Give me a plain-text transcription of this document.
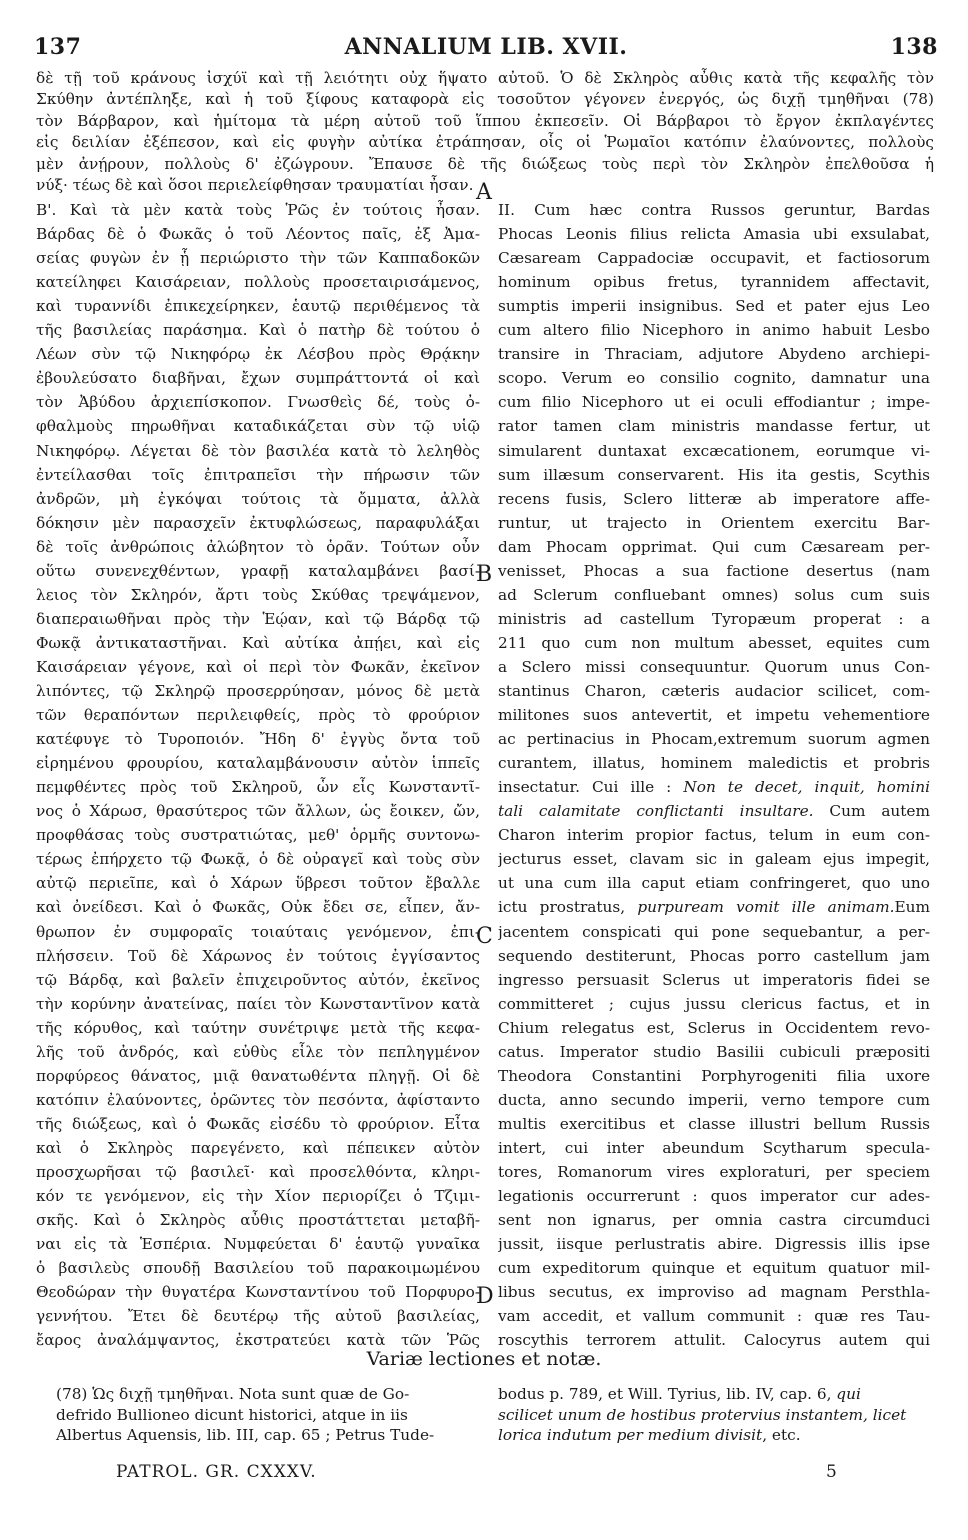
137	ANNALIUM LIB. XVII.	138
δὲ τῇ τοῦ κράνους ἰσχύϊ καὶ τῇ λειότητι οὐχ ἥψατο αὐτοῦ. Ὁ δὲ Σκληρὸς αὖθις κατὰ τῆς κεφαλῆς τὸν
Σκύθην ἀντέπληξε, καὶ ἡ τοῦ ξίφους καταφορὰ εἰς τοσοῦτον γέγονεν ἐνεργός, ὡς διχῇ τμηθῆναι (78)
τὸν Βάρβαρον, καὶ ἡμίτομα τὰ μέρη αὐτοῦ τοῦ ἵππου ἐκπεσεῖν. Οἱ Βάρβαροι τὸ ἔργον ἐκπλαγέντες
εἰς δειλίαν ἐξέπεσον, καὶ εἰς φυγὴν αὐτίκα ἐτράπησαν, οἷς οἱ Ῥωμαῖοι κατόπιν ἐλαύνοντες, πολλοὺς
μὲν ἀνῄρουν, πολλοὺς δ' ἐζώγρουν. Ἔπαυσε δὲ τῆς διώξεως τοὺς περὶ τὸν Σκληρὸν ἐπελθοῦσα ἡ
νύξ· τέως δὲ καὶ ὅσοι περιελείφθησαν τραυματίαι ἦσαν.
Β'. Καὶ τὰ μὲν κατὰ τοὺς Ῥῶς ἐν τούτοις ἦσαν.
Βάρδας δὲ ὁ Φωκᾶς ὁ τοῦ Λέοντος παῖς, ἐξ Ἀμα-
σείας φυγὼν ἐν ᾗ περιώριστο τὴν τῶν Καππαδοκῶν
κατείληφει Καισάρειαν, πολλοὺς προσεταιρισάμενος,
καὶ τυραννίδι ἐπικεχείρηκεν, ἑαυτῷ περιθέμενος τὰ
τῆς βασιλείας παράσημα. Καὶ ὁ πατὴρ δὲ τούτου ὁ
Λέων σὺν τῷ Νικηφόρῳ ἐκ Λέσβου πρὸς Θρᾴκην
ἐβουλεύσατο διαβῆναι, ἔχων συμπράττοντά οἱ καὶ
τὸν Ἀβύδου ἀρχιεπίσκοπον. Γνωσθεὶς δέ, τοὺς ὀ-
φθαλμοὺς πηρωθῆναι καταδικάζεται σὺν τῷ υἱῷ
Νικηφόρῳ. Λέγεται δὲ τὸν βασιλέα κατὰ τὸ λεληθὸς
ἐντείλασθαι τοῖς ἐπιτραπεῖσι τὴν πήρωσιν τῶν
ἀνδρῶν, μὴ ἐγκόψαι τούτοις τὰ ὄμματα, ἀλλὰ
δόκησιν μὲν παρασχεῖν ἐκτυφλώσεως, παραφυλάξαι
δὲ τοῖς ἀνθρώποις ἀλώβητον τὸ ὁρᾶν. Τούτων οὖν
οὕτω συνενεχθέντων, γραφῇ καταλαμβάνει βασί-
λειος τὸν Σκληρόν, ἄρτι τοὺς Σκύθας τρεψάμενον,
διαπεραιωθῆναι πρὸς τὴν Ἑῴαν, καὶ τῷ Βάρδᾳ τῷ
Φωκᾷ ἀντικαταστῆναι. Καὶ αὐτίκα ἀπῄει, καὶ εἰς
Καισάρειαν γέγονε, καὶ οἱ περὶ τὸν Φωκᾶν, ἐκεῖνον
λιπόντες, τῷ Σκληρῷ προσερρύησαν, μόνος δὲ μετὰ
τῶν θεραπόντων περιλειφθείς, πρὸς τὸ φρούριον
κατέφυγε τὸ Τυροποιόν. Ἤδη δ' ἐγγὺς ὄντα τοῦ
εἰρημένου φρουρίου, καταλαμβάνουσιν αὐτὸν ἱππεῖς
πεμφθέντες πρὸς τοῦ Σκληροῦ, ὧν εἷς Κωνσταντῖ-
νος ὁ Χάρωσ, θρασύτερος τῶν ἄλλων, ὡς ἔοικεν, ὤν,
προφθάσας τοὺς συστρατιώτας, μεθ' ὁρμῆς συντονω-
τέρως ἐπήρχετο τῷ Φωκᾷ, ὁ δὲ οὐραγεῖ καὶ τοὺς σὺν
αὐτῷ περιεῖπε, καὶ ὁ Χάρων ὕβρεσι τοῦτον ἔβαλλε
καὶ ὀνείδεσι. Καὶ ὁ Φωκᾶς, Οὐκ ἔδει σε, εἶπεν, ἄν-
θρωπον ἐν συμφοραῖς τοιαύταις γενόμενον, ἐπι-
πλήσσειν. Τοῦ δὲ Χάρωνος ἐν τούτοις ἐγγίσαντος
τῷ Βάρδᾳ, καὶ βαλεῖν ἐπιχειροῦντος αὐτόν, ἐκεῖνος
τὴν κορύνην ἀνατείνας, παίει τὸν Κωνσταντῖνον κατὰ
τῆς κόρυθος, καὶ ταύτην συνέτριψε μετὰ τῆς κεφα-
λῆς τοῦ ἀνδρός, καὶ εὐθὺς εἷλε τὸν πεπληγμένον
πορφύρεος θάνατος, μιᾷ θανατωθέντα πληγῇ. Οἱ δὲ
κατόπιν ἐλαύνοντες, ὁρῶντες τὸν πεσόντα, ἀφίσταντο
τῆς διώξεως, καὶ ὁ Φωκᾶς εἰσέδυ τὸ φρούριον. Εἶτα
καὶ ὁ Σκληρὸς παρεγένετο, καὶ πέπεικεν αὐτὸν
προσχωρῆσαι τῷ βασιλεῖ· καὶ προσελθόντα, κληρι-
κόν τε γενόμενον, εἰς τὴν Χίον περιορίζει ὁ Τζιμι-
σκῆς. Καὶ ὁ Σκληρὸς αὖθις προστάττεται μεταβῆ-
ναι εἰς τὰ Ἑσπέρια. Νυμφεύεται δ' ἑαυτῷ γυναῖκα
ὁ βασιλεὺς σπουδῇ Βασιλείου τοῦ παρακοιμωμένου
Θεοδώραν τὴν θυγατέρα Κωνσταντίνου τοῦ Πορφυρο-
γεννήτου. Ἔτει δὲ δευτέρῳ τῆς αὐτοῦ βασιλείας,
ἔαρος ἀναλάμψαντος, ἐκστρατεύει κατὰ τῶν Ῥῶς
II. Cum hæc contra Russos geruntur, Bardas
Phocas Leonis filius relicta Amasia ubi exsulabat,
Cæsaream Cappadociæ occupavit, et factiosorum
hominum opibus fretus, tyrannidem affectavit,
sumptis imperii insignibus. Sed et pater ejus Leo
cum altero filio Nicephoro in animo habuit Lesbo
transire in Thraciam, adjutore Abydeno archiepi-
scopo. Verum eo consilio cognito, damnatur una
cum filio Nicephoro ut ei oculi effodiantur ; impe-
rator tamen clam ministris mandasse fertur, ut
simularent duntaxat excæcationem, eorumque vi-
sum illæsum conservarent. His ita gestis, Scythis
recens fusis, Sclero litteræ ab imperatore affe-
runtur, ut trajecto in Orientem exercitu Bar-
dam Phocam opprimat. Qui cum Cæsaream per-
venisset, Phocas a sua factione desertus (nam
ad Sclerum confluebant omnes) solus cum suis
ministris ad castellum Tyropæum properat : a
211 quo cum non multum abesset, equites cum
a Sclero missi consequuntur. Quorum unus Con-
stantinus Charon, cæteris audacior scilicet, com-
militones suos antevertit, et impetu vehementiore
ac pertinacius in Phocam,extremum suorum agmen
curantem, illatus, hominem maledictis et probris
insectatur. Cui ille : Non te decet, inquit, homini
tali calamitate conflictanti insultare. Cum autem
Charon interim propior factus, telum in eum con-
jecturus esset, clavam sic in galeam ejus impegit,
ut una cum illa caput etiam confringeret, quo uno
ictu prostratus, purpuream vomit ille animam.Eum
jacentem conspicati qui pone sequebantur, a per-
sequendo destiterunt, Phocas porro castellum jam
ingresso persuasit Sclerus ut imperatoris fidei se
committeret ; cujus jussu clericus factus, et in
Chium relegatus est, Sclerus in Occidentem revo-
catus. Imperator studio Basilii cubiculi præpositi
Theodora Constantini Porphyrogeniti filia uxore
ducta, anno secundo imperii, verno tempore cum
multis exercitibus et classe illustri bellum Russis
intert, cui inter abeundum Scytharum specula-
tores, Romanorum vires exploraturi, per speciem
legationis occurrerunt : quos imperator cur ades-
sent non ignarus, per omnia castra circumduci
jussit, iisque perlustratis abire. Digressis illis ipse
cum expeditorum quinque et equitum quatuor mil-
libus secutus, ex improviso ad magnam Persthla-
vam accedit, et vallum communit : quæ res Tau-
roscythis terrorem attulit. Calocyrus autem qui
A
B
C
D
Variæ lectiones et notæ.
(78) Ὡς διχῇ τμηθῆναι. Nota sunt quæ de Go-
defrido Bullioneo dicunt historici, atque in iis
Albertus Aquensis, lib. III, cap. 65 ; Petrus Tude-
bodus p. 789, et Will. Tyrius, lib. IV, cap. 6, qui
scilicet unum de hostibus protervius instantem, licet
lorica indutum per medium divisit, etc.
PATROL. GR. CXXXV.	5
